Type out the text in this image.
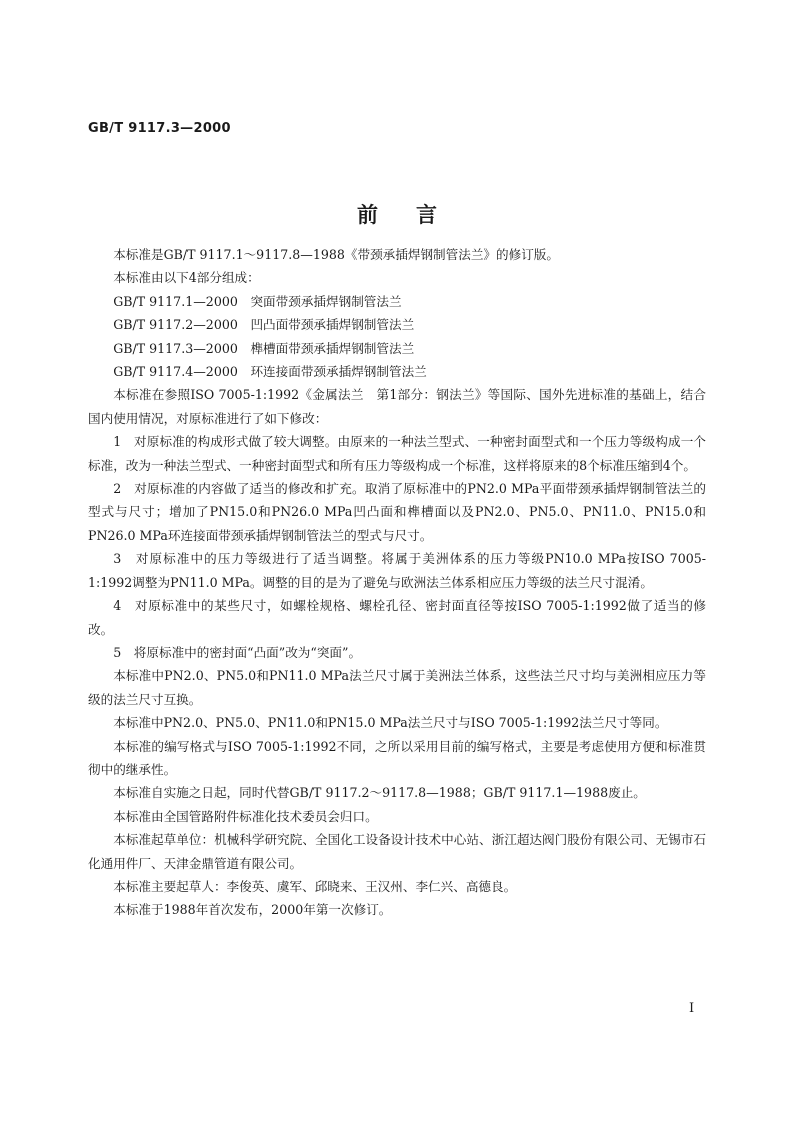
GB/T 9117.3—2000
前言

本标准是GB/T 9117.1～9117.8—1988《带颈承插焊钢制管法兰》的修订版。

本标准由以下4部分组成：

GB/T 9117.1—2000　突面带颈承插焊钢制管法兰

GB/T 9117.2—2000　凹凸面带颈承插焊钢制管法兰

GB/T 9117.3—2000　榫槽面带颈承插焊钢制管法兰

GB/T 9117.4—2000　环连接面带颈承插焊钢制管法兰

本标准在参照ISO 7005-1:1992《金属法兰　第1部分：钢法兰》等国际、国外先进标准的基础上，结合国内使用情况，对原标准进行了如下修改：

1　对原标准的构成形式做了较大调整。由原来的一种法兰型式、一种密封面型式和一个压力等级构成一个标准，改为一种法兰型式、一种密封面型式和所有压力等级构成一个标准，这样将原来的8个标准压缩到4个。

2　对原标准的内容做了适当的修改和扩充。取消了原标准中的PN2.0 MPa平面带颈承插焊钢制管法兰的型式与尺寸；增加了PN15.0和PN26.0 MPa凹凸面和榫槽面以及PN2.0、PN5.0、PN11.0、PN15.0和PN26.0 MPa环连接面带颈承插焊钢制管法兰的型式与尺寸。

3　对原标准中的压力等级进行了适当调整。将属于美洲体系的压力等级PN10.0 MPa按ISO 7005-1:1992调整为PN11.0 MPa。调整的目的是为了避免与欧洲法兰体系相应压力等级的法兰尺寸混淆。

4　对原标准中的某些尺寸，如螺栓规格、螺栓孔径、密封面直径等按ISO 7005-1:1992做了适当的修改。

5　将原标准中的密封面“凸面”改为“突面”。

本标准中PN2.0、PN5.0和PN11.0 MPa法兰尺寸属于美洲法兰体系，这些法兰尺寸均与美洲相应压力等级的法兰尺寸互换。

本标准中PN2.0、PN5.0、PN11.0和PN15.0 MPa法兰尺寸与ISO 7005-1:1992法兰尺寸等同。

本标准的编写格式与ISO 7005-1:1992不同，之所以采用目前的编写格式，主要是考虑使用方便和标准贯彻中的继承性。

本标准自实施之日起，同时代替GB/T 9117.2～9117.8—1988；GB/T 9117.1—1988废止。

本标准由全国管路附件标准化技术委员会归口。

本标准起草单位：机械科学研究院、全国化工设备设计技术中心站、浙江超达阀门股份有限公司、无锡市石化通用件厂、天津金鼎管道有限公司。

本标准主要起草人：李俊英、虞军、邱晓来、王汉州、李仁兴、高德良。

本标准于1988年首次发布，2000年第一次修订。

I
